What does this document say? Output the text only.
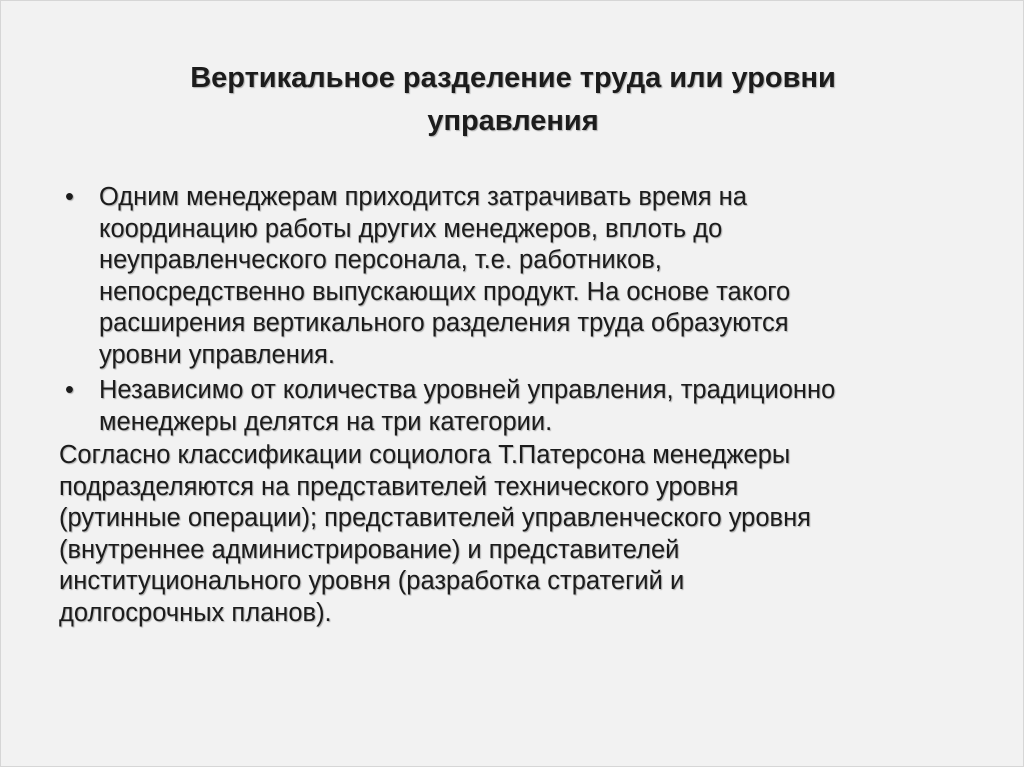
Вертикальное разделение труда или уровни
управления
• Одним менеджерам приходится затрачивать время на
координацию работы других менеджеров, вплоть до
неуправленческого персонала, т.е. работников,
непосредственно выпускающих продукт. На основе такого
расширения вертикального разделения труда образуются
уровни управления.
• Независимо от количества уровней управления, традиционно
менеджеры делятся на три категории.
Согласно классификации социолога Т.Патерсона менеджеры
подразделяются на представителей технического уровня
(рутинные операции); представителей управленческого уровня
(внутреннее администрирование) и представителей
институционального уровня (разработка стратегий и
долгосрочных планов).
